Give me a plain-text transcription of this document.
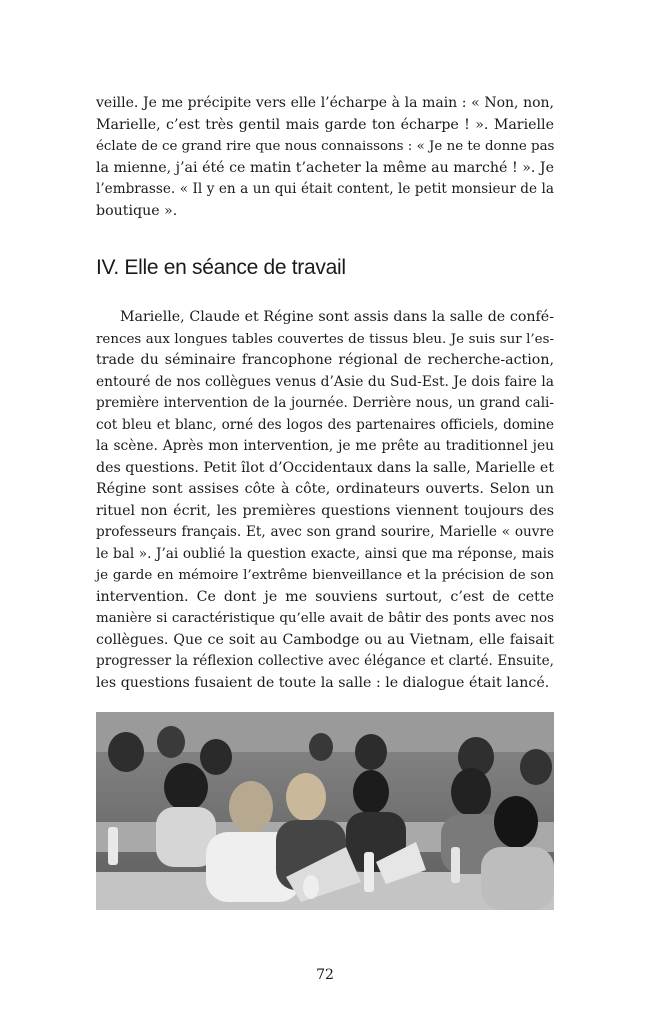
veille. Je me précipite vers elle l’écharpe à la main : « Non, non,
Marielle, c’est très gentil mais garde ton écharpe ! ». Marielle
éclate de ce grand rire que nous connaissons : « Je ne te donne pas
la mienne, j’ai été ce matin t’acheter la même au marché ! ». Je
l’embrasse. « Il y en a un qui était content, le petit monsieur de la
boutique ».
IV. Elle en séance de travail
Marielle, Claude et Régine sont assis dans la salle de confé-
rences aux longues tables couvertes de tissus bleu. Je suis sur l’es-
trade du séminaire francophone régional de recherche-action,
entouré de nos collègues venus d’Asie du Sud-Est. Je dois faire la
première intervention de la journée. Derrière nous, un grand cali-
cot bleu et blanc, orné des logos des partenaires officiels, domine
la scène. Après mon intervention, je me prête au traditionnel jeu
des questions. Petit îlot d’Occidentaux dans la salle, Marielle et
Régine sont assises côte à côte, ordinateurs ouverts. Selon un
rituel non écrit, les premières questions viennent toujours des
professeurs français. Et, avec son grand sourire, Marielle « ouvre
le bal ». J’ai oublié la question exacte, ainsi que ma réponse, mais
je garde en mémoire l’extrême bienveillance et la précision de son
intervention. Ce dont je me souviens surtout, c’est de cette
manière si caractéristique qu’elle avait de bâtir des ponts avec nos
collègues. Que ce soit au Cambodge ou au Vietnam, elle faisait
progresser la réflexion collective avec élégance et clarté. Ensuite,
les questions fusaient de toute la salle : le dialogue était lancé.
72
